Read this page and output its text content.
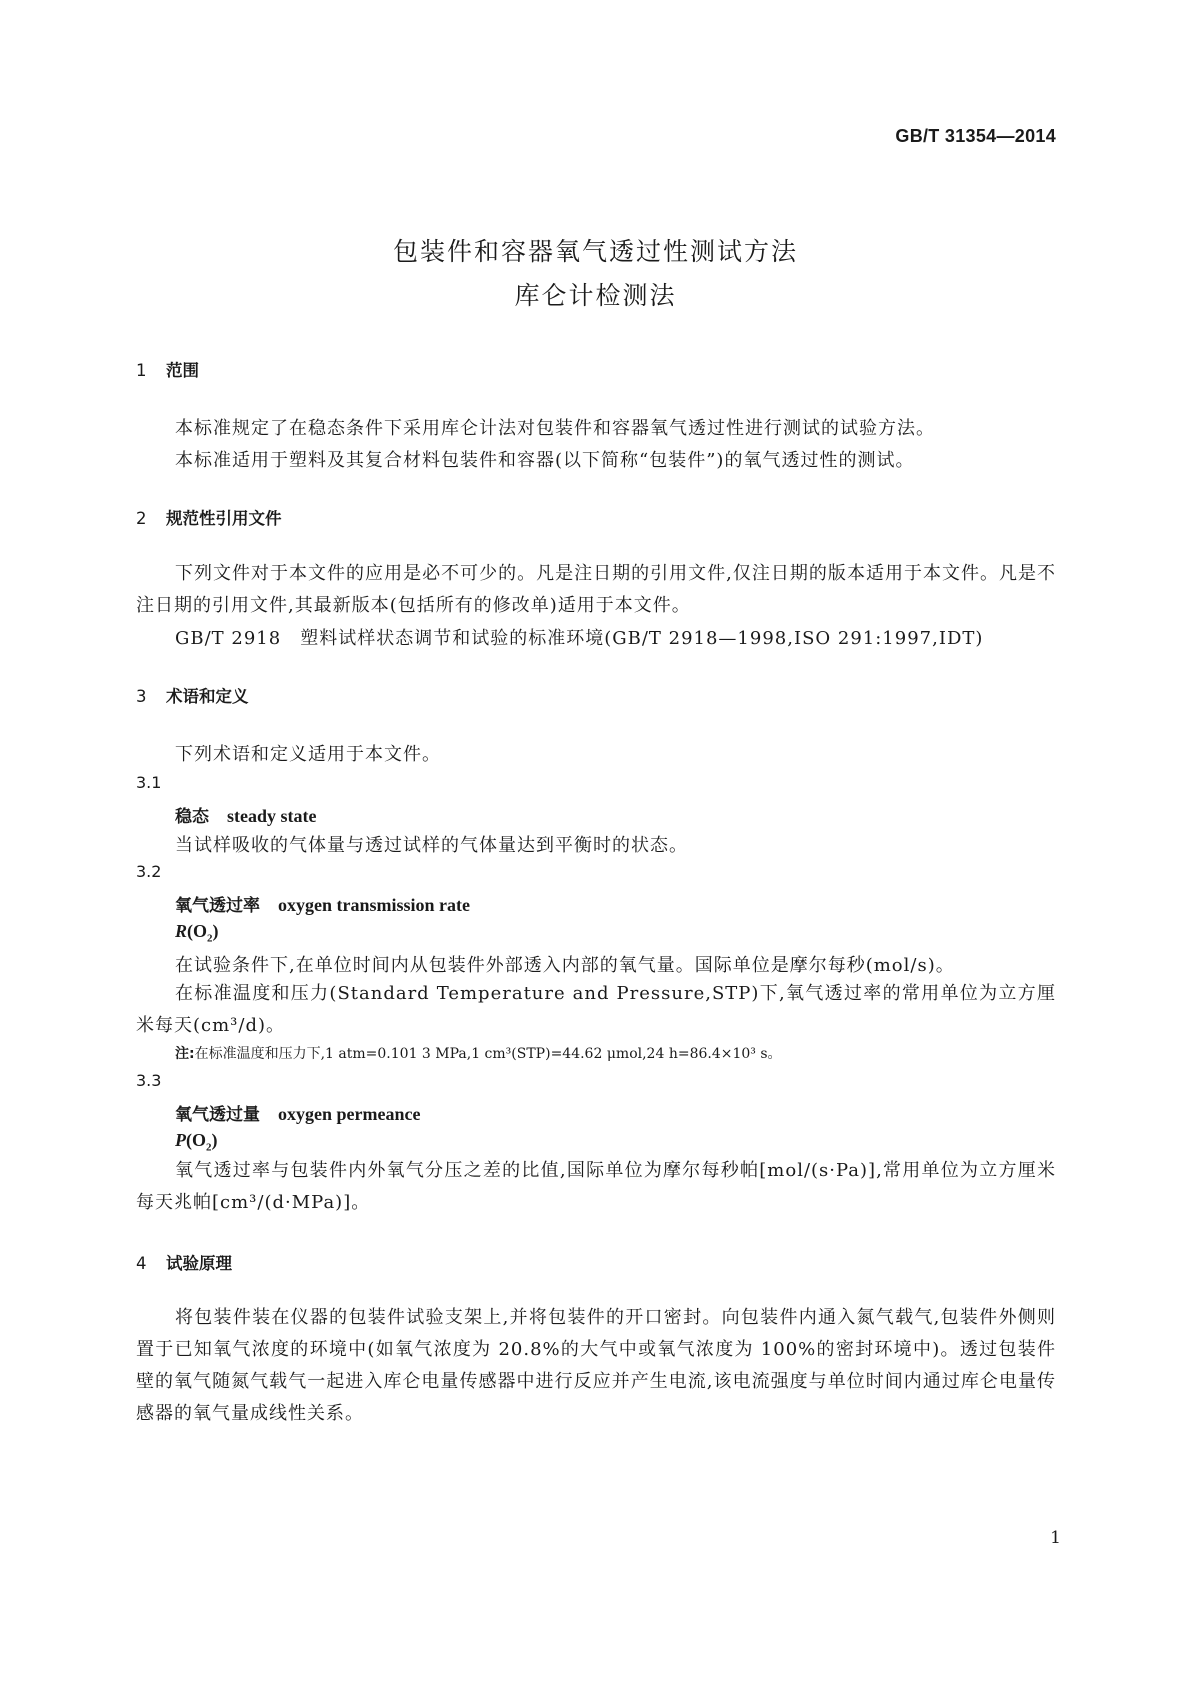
GB/T 31354—2014
包装件和容器氧气透过性测试方法
库仑计检测法
1 范围
本标准规定了在稳态条件下采用库仑计法对包装件和容器氧气透过性进行测试的试验方法。
本标准适用于塑料及其复合材料包装件和容器(以下简称“包装件”)的氧气透过性的测试。
2 规范性引用文件
下列文件对于本文件的应用是必不可少的。凡是注日期的引用文件,仅注日期的版本适用于本文件。凡是不注日期的引用文件,其最新版本(包括所有的修改单)适用于本文件。
GB/T 2918　塑料试样状态调节和试验的标准环境(GB/T 2918—1998,ISO 291:1997,IDT)
3 术语和定义
下列术语和定义适用于本文件。
3.1
稳态 steady state
当试样吸收的气体量与透过试样的气体量达到平衡时的状态。
3.2
氧气透过率 oxygen transmission rate
$R(O_2)$
在试验条件下,在单位时间内从包装件外部透入内部的氧气量。国际单位是摩尔每秒(mol/s)。
在标准温度和压力(Standard Temperature and Pressure,STP)下,氧气透过率的常用单位为立方厘米每天(cm³/d)。
注:在标准温度和压力下,1 atm=0.101 3 MPa,1 cm³(STP)=44.62 μmol,24 h=86.4×10³ s。
3.3
氧气透过量 oxygen permeance
$P(O_2)$
氧气透过率与包装件内外氧气分压之差的比值,国际单位为摩尔每秒帕[mol/(s·Pa)],常用单位为立方厘米每天兆帕[cm³/(d·MPa)]。
4 试验原理
将包装件装在仪器的包装件试验支架上,并将包装件的开口密封。向包装件内通入氮气载气,包装件外侧则置于已知氧气浓度的环境中(如氧气浓度为 20.8%的大气中或氧气浓度为 100%的密封环境中)。透过包装件壁的氧气随氮气载气一起进入库仑电量传感器中进行反应并产生电流,该电流强度与单位时间内通过库仑电量传感器的氧气量成线性关系。
1
